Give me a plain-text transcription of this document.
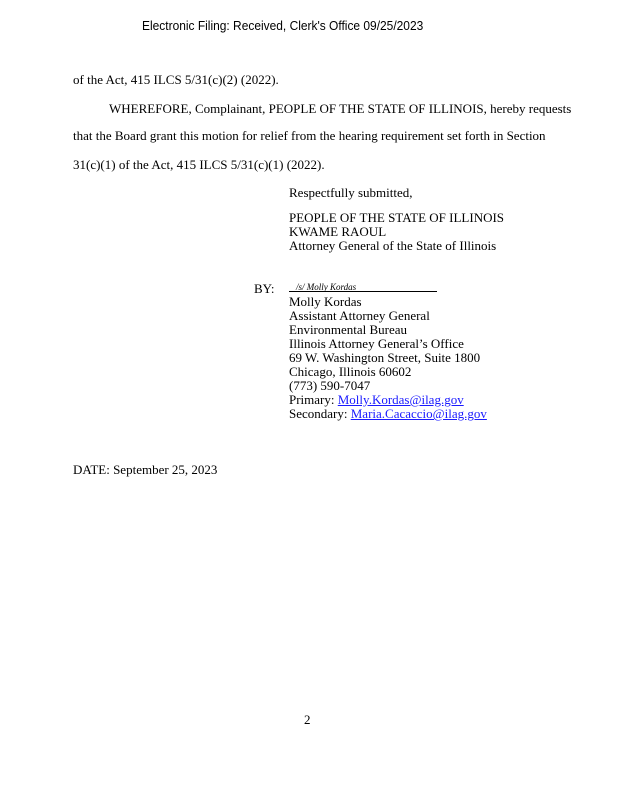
Electronic Filing: Received, Clerk's Office 09/25/2023
of the Act, 415 ILCS 5/31(c)(2) (2022).
WHEREFORE, Complainant, PEOPLE OF THE STATE OF ILLINOIS, hereby requests
that the Board grant this motion for relief from the hearing requirement set forth in Section
31(c)(1) of the Act, 415 ILCS 5/31(c)(1) (2022).
Respectfully submitted,
PEOPLE OF THE STATE OF ILLINOIS
KWAME RAOUL
Attorney General of the State of Illinois
BY: /s/ Molly Kordas
Molly Kordas
Assistant Attorney General
Environmental Bureau
Illinois Attorney General’s Office
69 W. Washington Street, Suite 1800
Chicago, Illinois 60602
(773) 590-7047
Primary: Molly.Kordas@ilag.gov
Secondary: Maria.Cacaccio@ilag.gov
DATE: September 25, 2023
2
